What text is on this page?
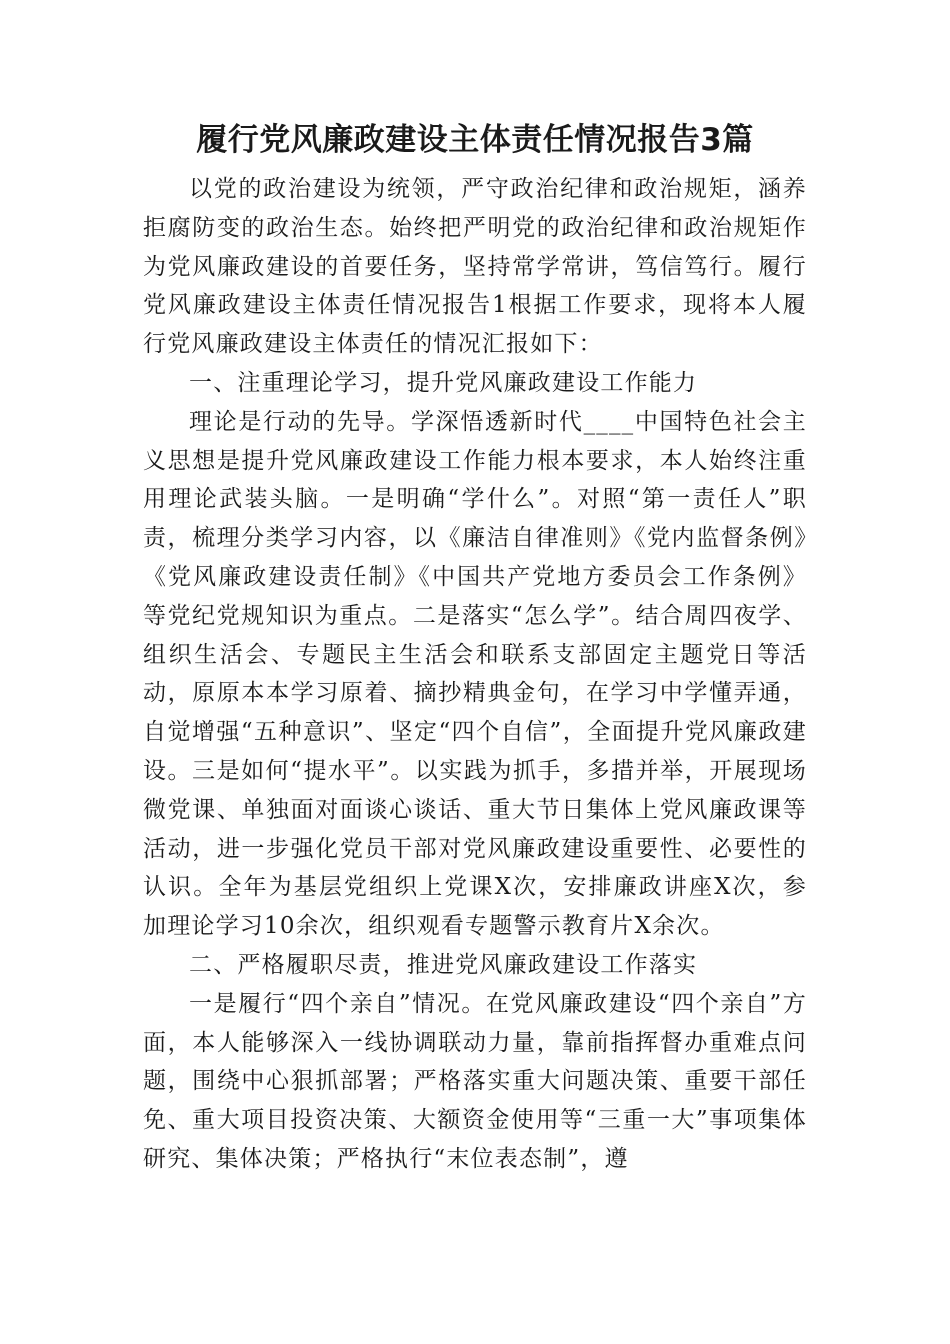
履行党风廉政建设主体责任情况报告3篇

以党的政治建设为统领，严守政治纪律和政治规矩，涵养拒腐防变的政治生态。始终把严明党的政治纪律和政治规矩作为党风廉政建设的首要任务，坚持常学常讲，笃信笃行。履行党风廉政建设主体责任情况报告1根据工作要求，现将本人履行党风廉政建设主体责任的情况汇报如下：

一、注重理论学习，提升党风廉政建设工作能力

理论是行动的先导。学深悟透新时代____中国特色社会主义思想是提升党风廉政建设工作能力根本要求，本人始终注重用理论武装头脑。一是明确“学什么”。对照“第一责任人”职责，梳理分类学习内容，以《廉洁自律准则》《党内监督条例》《党风廉政建设责任制》《中国共产党地方委员会工作条例》等党纪党规知识为重点。二是落实“怎么学”。结合周四夜学、组织生活会、专题民主生活会和联系支部固定主题党日等活动，原原本本学习原着、摘抄精典金句，在学习中学懂弄通，自觉增强“五种意识”、坚定“四个自信”，全面提升党风廉政建设。三是如何“提水平”。以实践为抓手，多措并举，开展现场微党课、单独面对面谈心谈话、重大节日集体上党风廉政课等活动，进一步强化党员干部对党风廉政建设重要性、必要性的认识。全年为基层党组织上党课X次，安排廉政讲座X次，参加理论学习10余次，组织观看专题警示教育片X余次。

二、严格履职尽责，推进党风廉政建设工作落实

一是履行“四个亲自”情况。在党风廉政建设“四个亲自”方面，本人能够深入一线协调联动力量，靠前指挥督办重难点问题，围绕中心狠抓部署；严格落实重大问题决策、重要干部任免、重大项目投资决策、大额资金使用等“三重一大”事项集体研究、集体决策；严格执行“末位表态制”，遵
